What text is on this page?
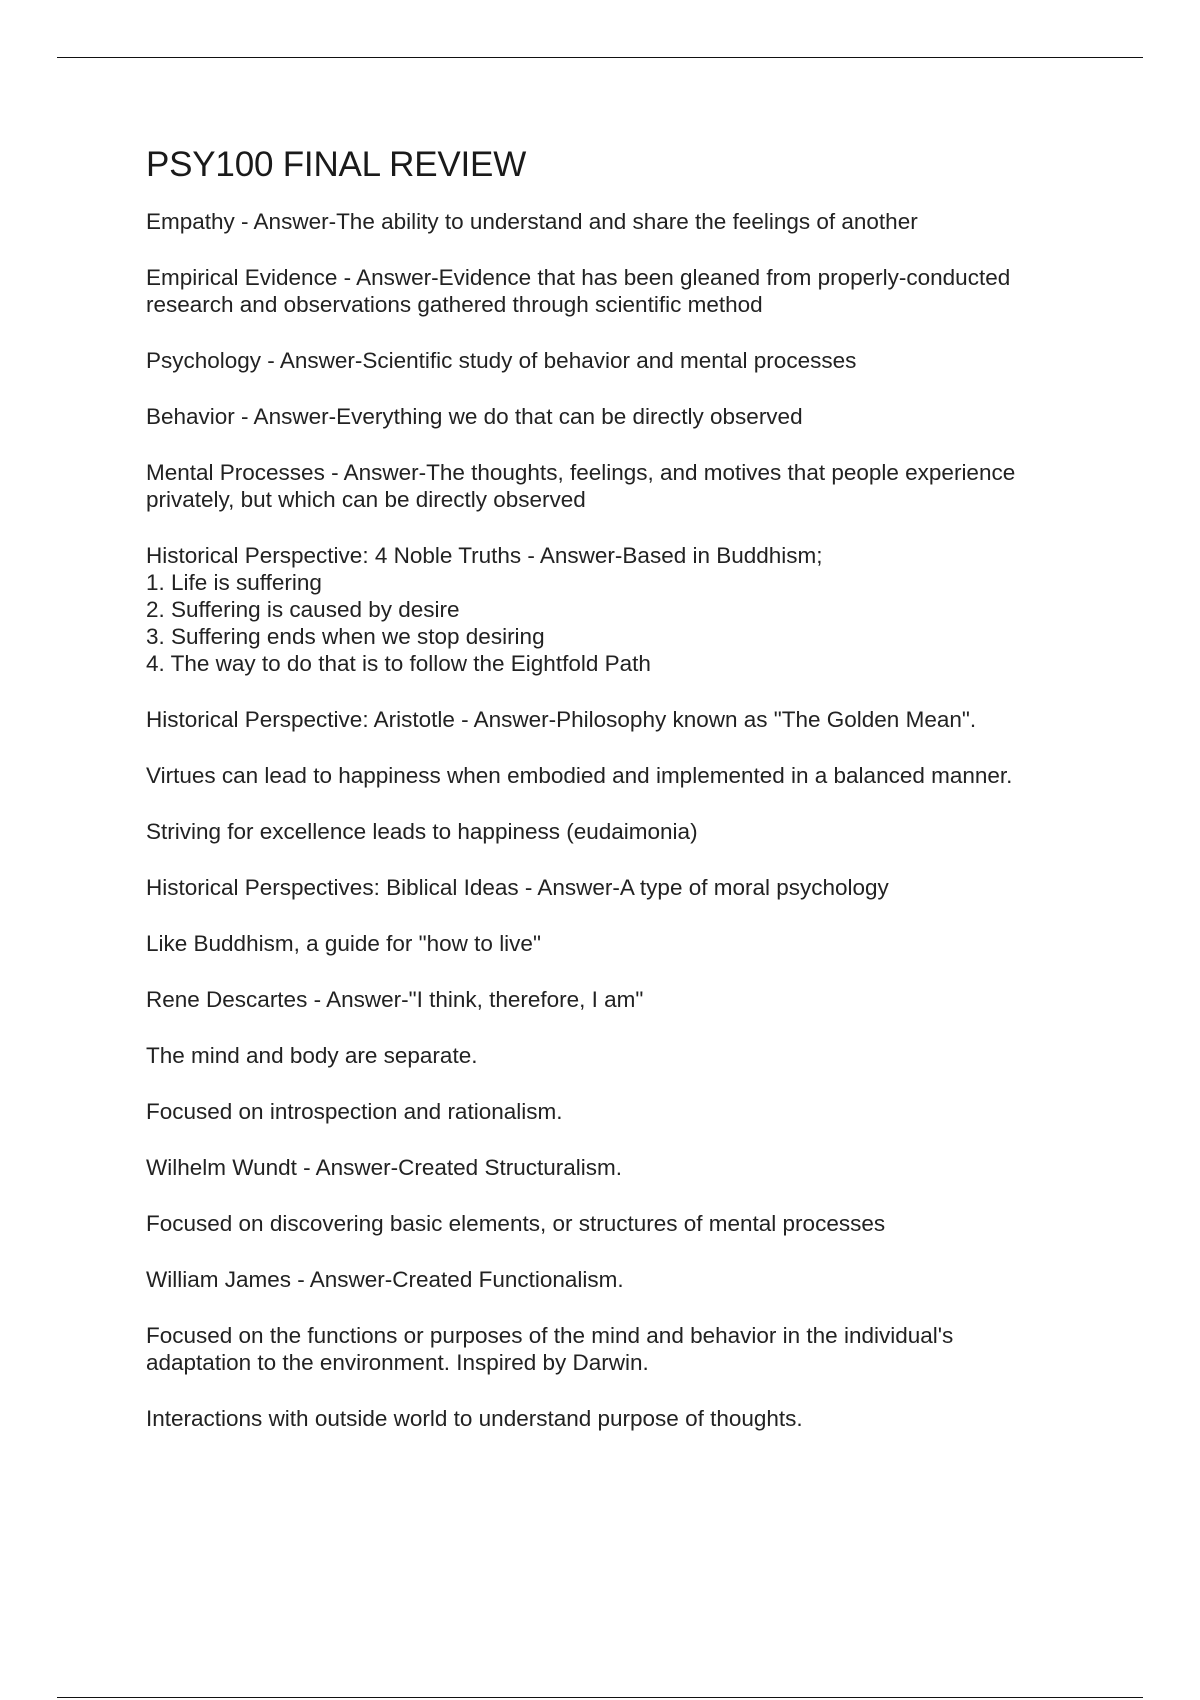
PSY100 FINAL REVIEW

Empathy - Answer-The ability to understand and share the feelings of another

Empirical Evidence - Answer-Evidence that has been gleaned from properly-conducted
research and observations gathered through scientific method

Psychology - Answer-Scientific study of behavior and mental processes

Behavior - Answer-Everything we do that can be directly observed

Mental Processes - Answer-The thoughts, feelings, and motives that people experience
privately, but which can be directly observed

Historical Perspective: 4 Noble Truths - Answer-Based in Buddhism;
1. Life is suffering
2. Suffering is caused by desire
3. Suffering ends when we stop desiring
4. The way to do that is to follow the Eightfold Path

Historical Perspective: Aristotle - Answer-Philosophy known as "The Golden Mean".

Virtues can lead to happiness when embodied and implemented in a balanced manner.

Striving for excellence leads to happiness (eudaimonia)

Historical Perspectives: Biblical Ideas - Answer-A type of moral psychology

Like Buddhism, a guide for "how to live"

Rene Descartes - Answer-"I think, therefore, I am"

The mind and body are separate.

Focused on introspection and rationalism.

Wilhelm Wundt - Answer-Created Structuralism.

Focused on discovering basic elements, or structures of mental processes

William James - Answer-Created Functionalism.

Focused on the functions or purposes of the mind and behavior in the individual's
adaptation to the environment. Inspired by Darwin.

Interactions with outside world to understand purpose of thoughts.
